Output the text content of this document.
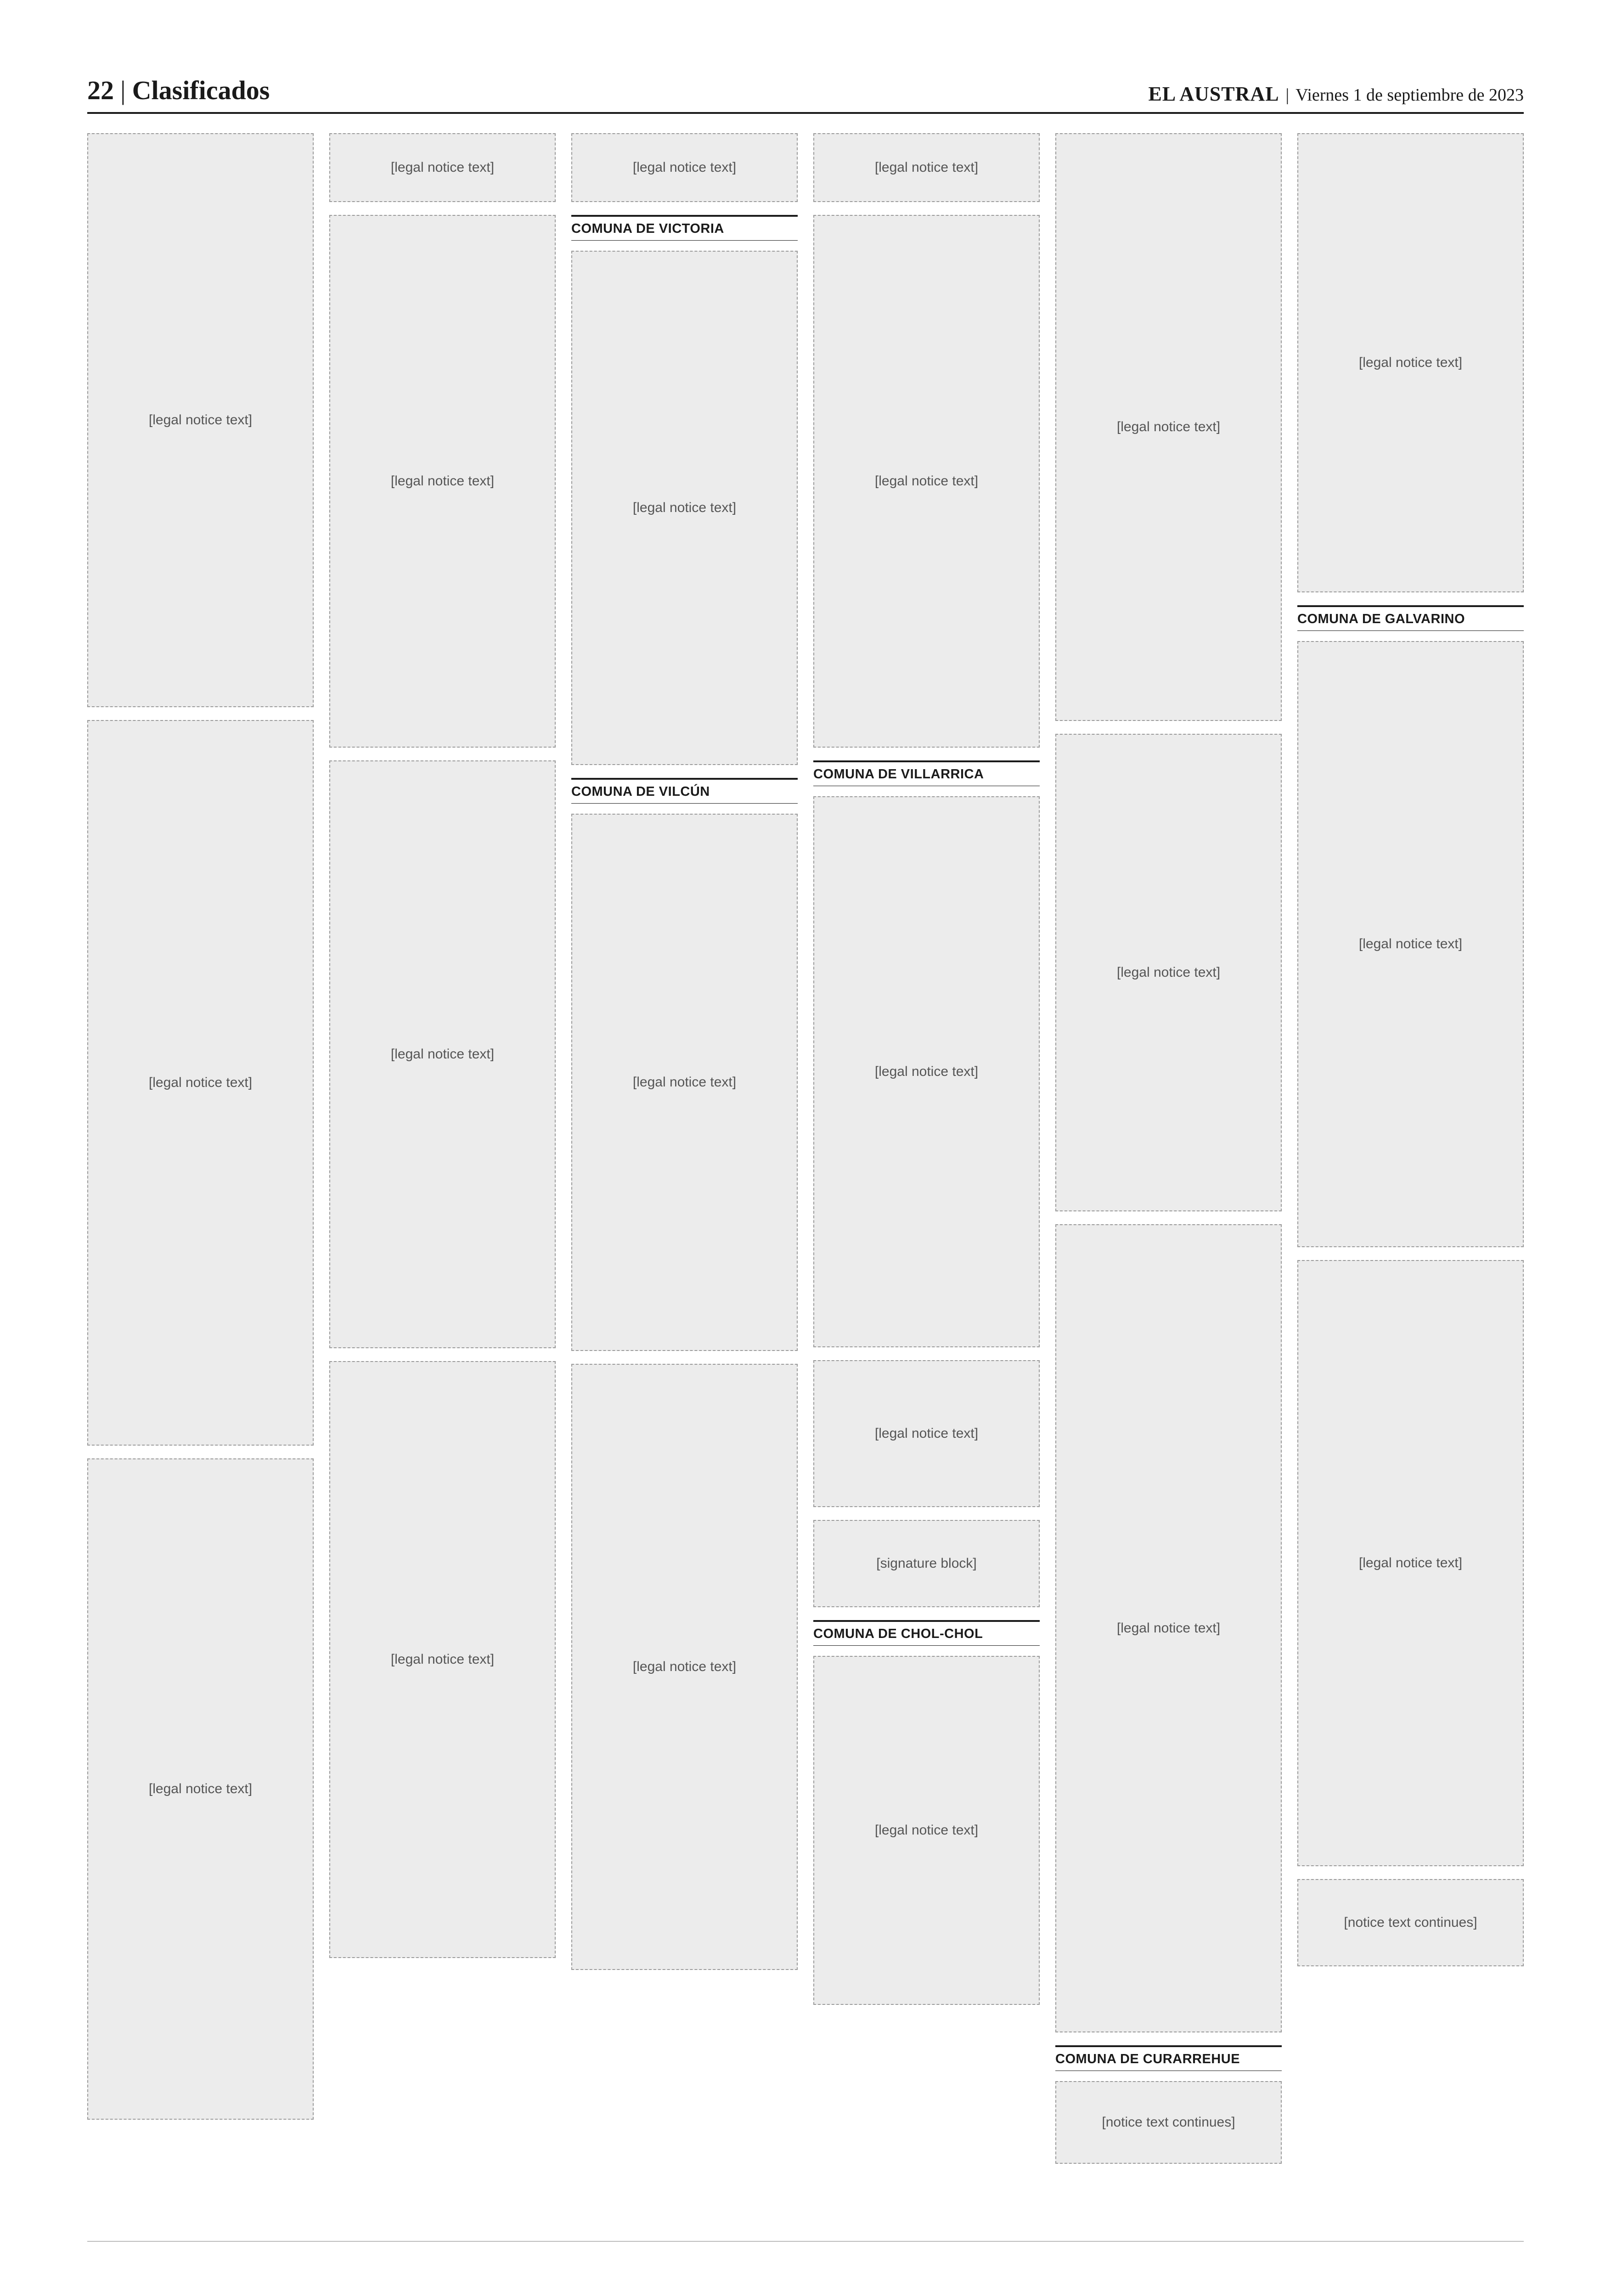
22 | Clasificados	EL AUSTRAL | Viernes 1 de septiembre de 2023
[legal notice text]
[legal notice text]
[legal notice text]
[legal notice text]
[legal notice text]
[legal notice text]
[legal notice text]
[legal notice text]
COMUNA DE VICTORIA
[legal notice text]
COMUNA DE VILCÚN
[legal notice text]
[legal notice text]
[legal notice text]
[legal notice text]
COMUNA DE VILLARRICA
[legal notice text]
[legal notice text]
[signature block]
COMUNA DE CHOL-CHOL
[legal notice text]
[legal notice text]
[legal notice text]
[legal notice text]
COMUNA DE CURARREHUE
[notice text continues]
[legal notice text]
COMUNA DE GALVARINO
[legal notice text]
[legal notice text]
[notice text continues]
